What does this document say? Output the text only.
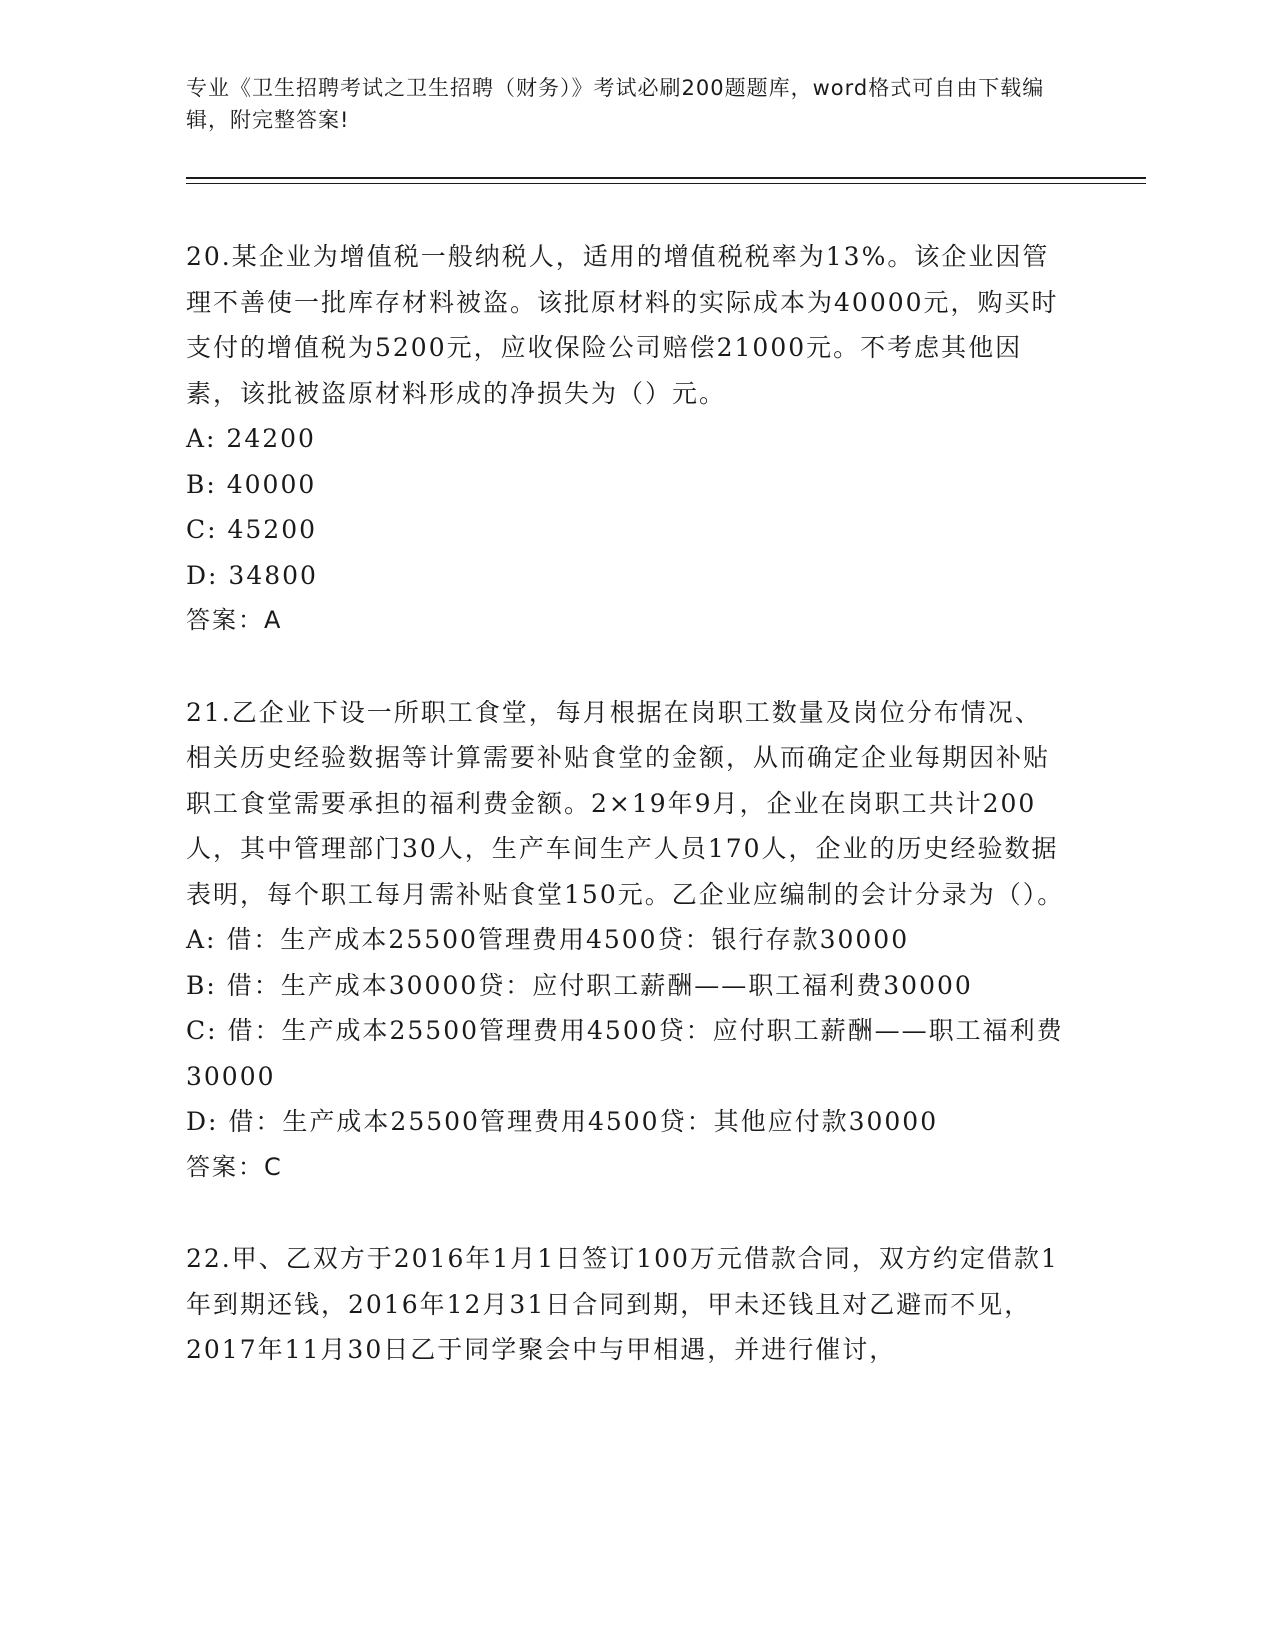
专业《卫生招聘考试之卫生招聘（财务）》考试必刷200题题库，word格式可自由下载编辑，附完整答案!

20.某企业为增值税一般纳税人，适用的增值税税率为13%。该企业因管理不善使一批库存材料被盗。该批原材料的实际成本为40000元，购买时支付的增值税为5200元，应收保险公司赔偿21000元。不考虑其他因素，该批被盗原材料形成的净损失为（）元。

A: 24200

B: 40000

C: 45200

D: 34800

答案：A

21.乙企业下设一所职工食堂，每月根据在岗职工数量及岗位分布情况、相关历史经验数据等计算需要补贴食堂的金额，从而确定企业每期因补贴职工食堂需要承担的福利费金额。2×19年9月，企业在岗职工共计200人，其中管理部门30人，生产车间生产人员170人，企业的历史经验数据表明，每个职工每月需补贴食堂150元。乙企业应编制的会计分录为（）。

A: 借：生产成本25500管理费用4500贷：银行存款30000

B: 借：生产成本30000贷：应付职工薪酬——职工福利费30000

C: 借：生产成本25500管理费用4500贷：应付职工薪酬——职工福利费30000

D: 借：生产成本25500管理费用4500贷：其他应付款30000

答案：C

22.甲、乙双方于2016年1月1日签订100万元借款合同，双方约定借款1年到期还钱，2016年12月31日合同到期，甲未还钱且对乙避而不见，2017年11月30日乙于同学聚会中与甲相遇，并进行催讨，
